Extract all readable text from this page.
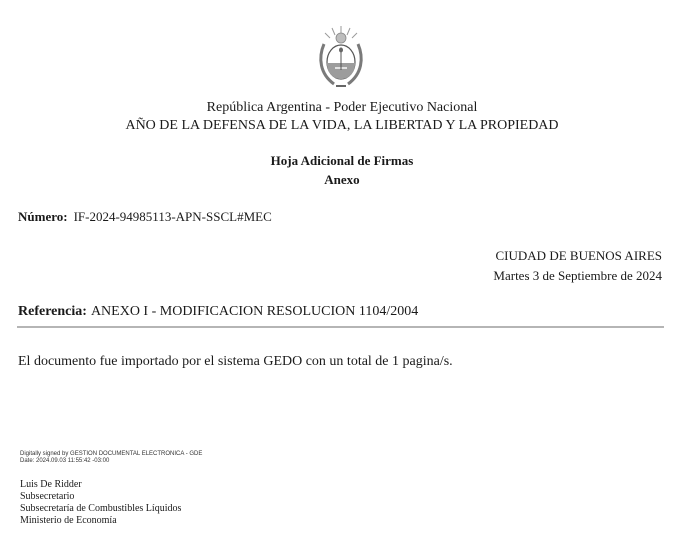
República Argentina - Poder Ejecutivo Nacional
AÑO DE LA DEFENSA DE LA VIDA, LA LIBERTAD Y LA PROPIEDAD
Hoja Adicional de Firmas
Anexo
Número: IF-2024-94985113-APN-SSCL#MEC
CIUDAD DE BUENOS AIRES
Martes 3 de Septiembre de 2024
Referencia: ANEXO I - MODIFICACION RESOLUCION 1104/2004
El documento fue importado por el sistema GEDO con un total de 1 pagina/s.
Digitally signed by GESTION DOCUMENTAL ELECTRONICA - GDE
Date: 2024.09.03 11:55:42 -03:00
Luis De Ridder
Subsecretario
Subsecretaría de Combustibles Líquidos
Ministerio de Economía
